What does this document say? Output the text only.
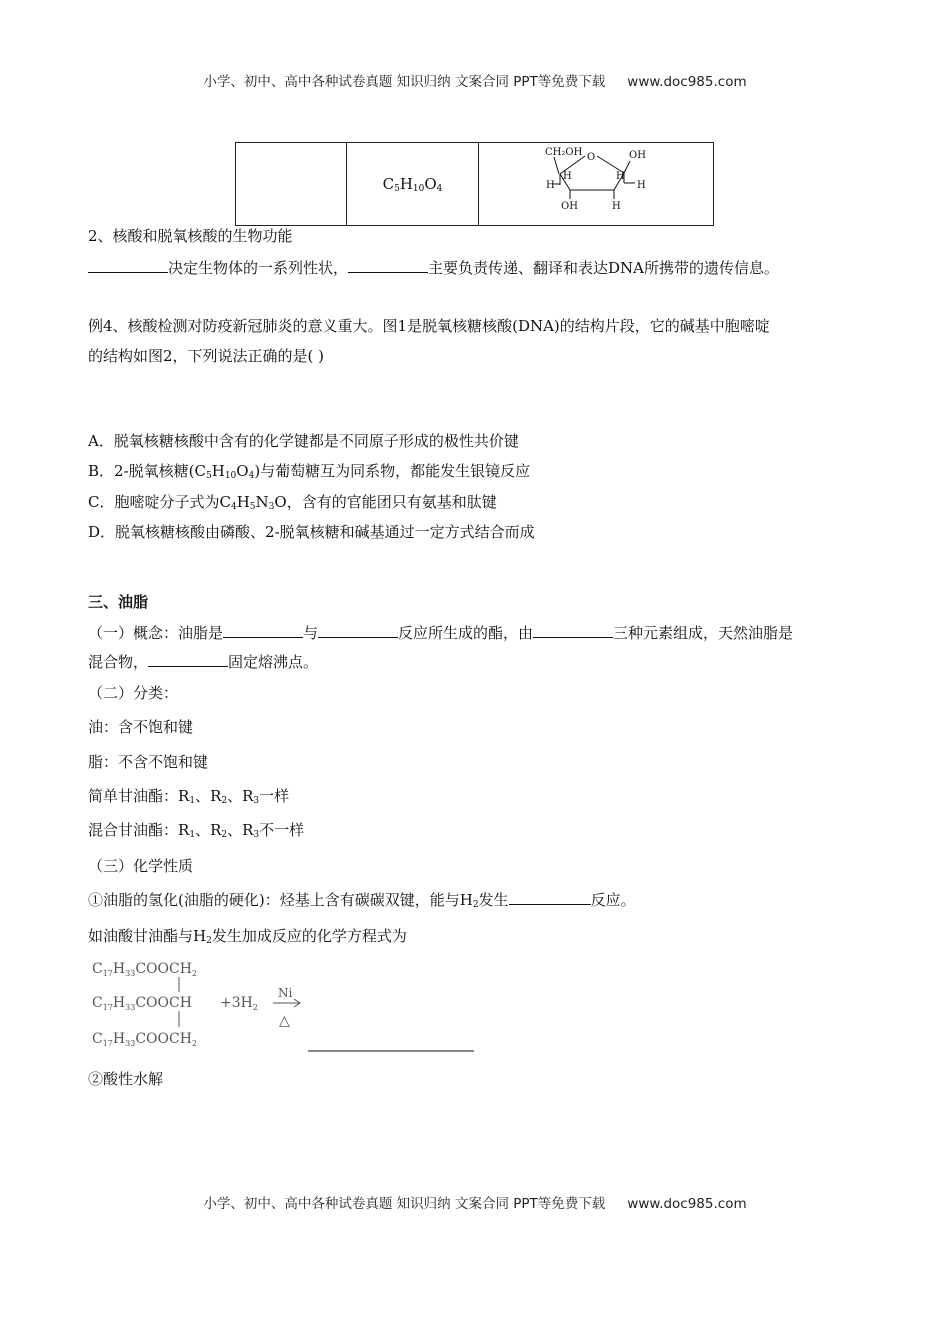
小学、初中、高中各种试卷真题 知识归纳 文案合同 PPT等免费下载 www.doc985.com
	$C_5H_{10}O_4$	
CH₂OH O	OH
H
H	H
H
OH	H
2、核酸和脱氧核酸的生物功能
决定生物体的一系列性状，	主要负责传递、翻译和表达DNA所携带的遗传信息。
例4、核酸检测对防疫新冠肺炎的意义重大。图1是脱氧核糖核酸(DNA)的结构片段，它的碱基中胞嘧啶
的结构如图2，下列说法正确的是( )
A．脱氧核糖核酸中含有的化学键都是不同原子形成的极性共价键
B．2-脱氧核糖$(C_5H_{10}O_4)$与葡萄糖互为同系物，都能发生银镜反应
C．胞嘧啶分子式为$C_4H_5N_3O$，含有的官能团只有氨基和肽键
D．脱氧核糖核酸由磷酸、2-脱氧核糖和碱基通过一定方式结合而成
三、油脂
（一）概念：油脂是	与	反应所生成的酯，由	三种元素组成，天然油脂是
混合物，	固定熔沸点。
（二）分类：
油：含不饱和键
脂：不含不饱和键
简单甘油酯：$R_1$、$R_2$、$R_3$一样
混合甘油酯：$R_1$、$R_2$、$R_3$不一样
（三）化学性质
①油脂的氢化(油脂的硬化)：烃基上含有碳碳双键，能与$H_2$发生	反应。
如油酸甘油酯与$H_2$发生加成反应的化学方程式为
$C_{17}H_{33}COOCH_2$
$C_{17}H_{33}COOCH$
$C_{17}H_{33}COOCH_2$
$+3H_2$
Ni
△
②酸性水解
小学、初中、高中各种试卷真题 知识归纳 文案合同 PPT等免费下载 www.doc985.com
